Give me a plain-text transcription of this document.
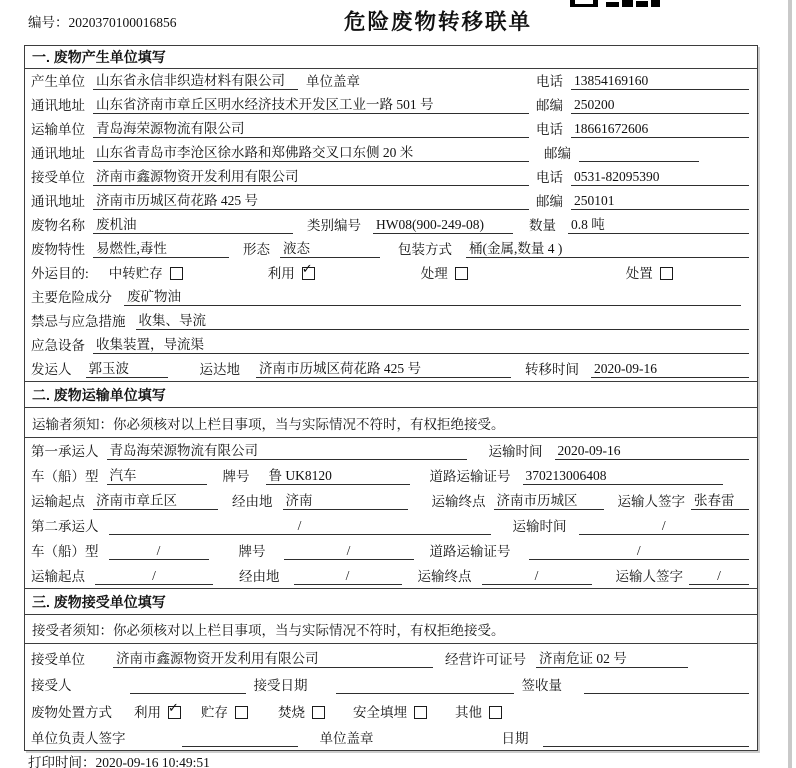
编号：2020370100016856	危险废物转移联单
一. 废物产生单位填写
产生单位 山东省永信非织造材料有限公司	单位盖章	电话 13854169160
通讯地址 山东省济南市章丘区明水经济技术开发区工业一路 501 号	邮编 250200
运输单位 青岛海荣源物流有限公司	电话 18661672606
通讯地址 山东省青岛市李沧区徐水路和郑佛路交叉口东侧 20 米	邮编
接受单位 济南市鑫源物资开发利用有限公司	电话 0531-82095390
通讯地址 济南市历城区荷花路 425 号	邮编 250101
废物名称 废机油	类别编号 HW08(900-249-08)	数量 0.8 吨
废物特性 易燃性,毒性	形态 液态	包装方式 桶(金属,数量 4 )
外运目的: 中转贮存	利用 ✓	处理	处置
主要危险成分 废矿物油
禁忌与应急措施 收集、导流
应急设备 收集装置，导流渠
发运人 郭玉波	运达地 济南市历城区荷花路 425 号	转移时间 2020-09-16
二. 废物运输单位填写
运输者须知：你必须核对以上栏目事项，当与实际情况不符时，有权拒绝接受。
第一承运人 青岛海荣源物流有限公司	运输时间 2020-09-16
车（船）型 汽车	牌号 鲁 UK8120	道路运输证号 370213006408
运输起点 济南市章丘区	经由地 济南	运输终点 济南市历城区	运输人签字 张春雷
第二承运人	/	运输时间	/
车（船）型	/	牌号	/	道路运输证号	/
运输起点	/	经由地	/	运输终点	/	运输人签字	/
三. 废物接受单位填写
接受者须知：你必须核对以上栏目事项，当与实际情况不符时，有权拒绝接受。
接受单位 济南市鑫源物资开发利用有限公司	经营许可证号 济南危证 02 号
接受人	接受日期	签收量
废物处置方式 利用 ✓ 贮存	焚烧	安全填埋	其他
单位负责人签字	单位盖章	日期
打印时间：2020-09-16 10:49:51
